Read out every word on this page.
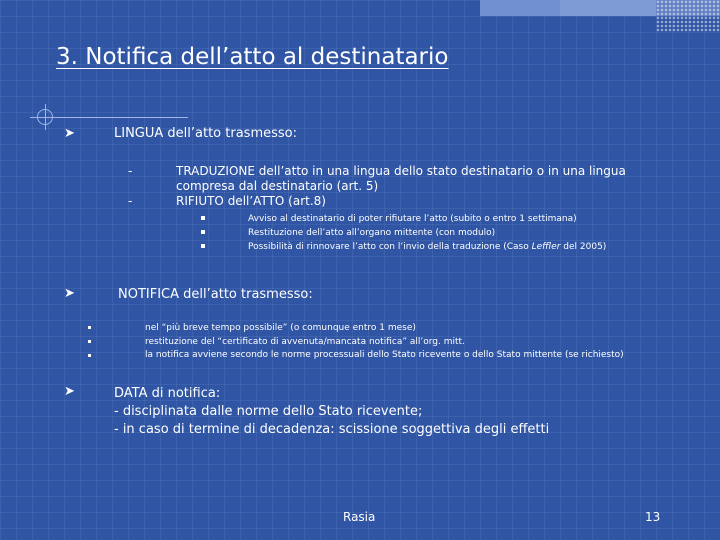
3. Notifica dell’atto al destinatario
➤	LINGUA dell’atto trasmesso:
-	TRADUZIONE dell’atto in una lingua dello stato destinatario o in una lingua
compresa dal destinatario (art. 5)
-	RIFIUTO dell’ATTO (art.8)
Avviso al destinatario di poter rifiutare l’atto (subito o entro 1 settimana)
Restituzione dell’atto all’organo mittente (con modulo)
Possibilità di rinnovare l’atto con l’invio della traduzione (Caso Leffler del 2005)
➤	NOTIFICA dell’atto trasmesso:
nel “più breve tempo possibile” (o comunque entro 1 mese)
restituzione del “certificato di avvenuta/mancata notifica” all’org. mitt.
la notifica avviene secondo le norme processuali dello Stato ricevente o dello Stato mittente (se richiesto)
➤	DATA di notifica:
- disciplinata dalle norme dello Stato ricevente;
- in caso di termine di decadenza: scissione soggettiva degli effetti
Rasia	13
